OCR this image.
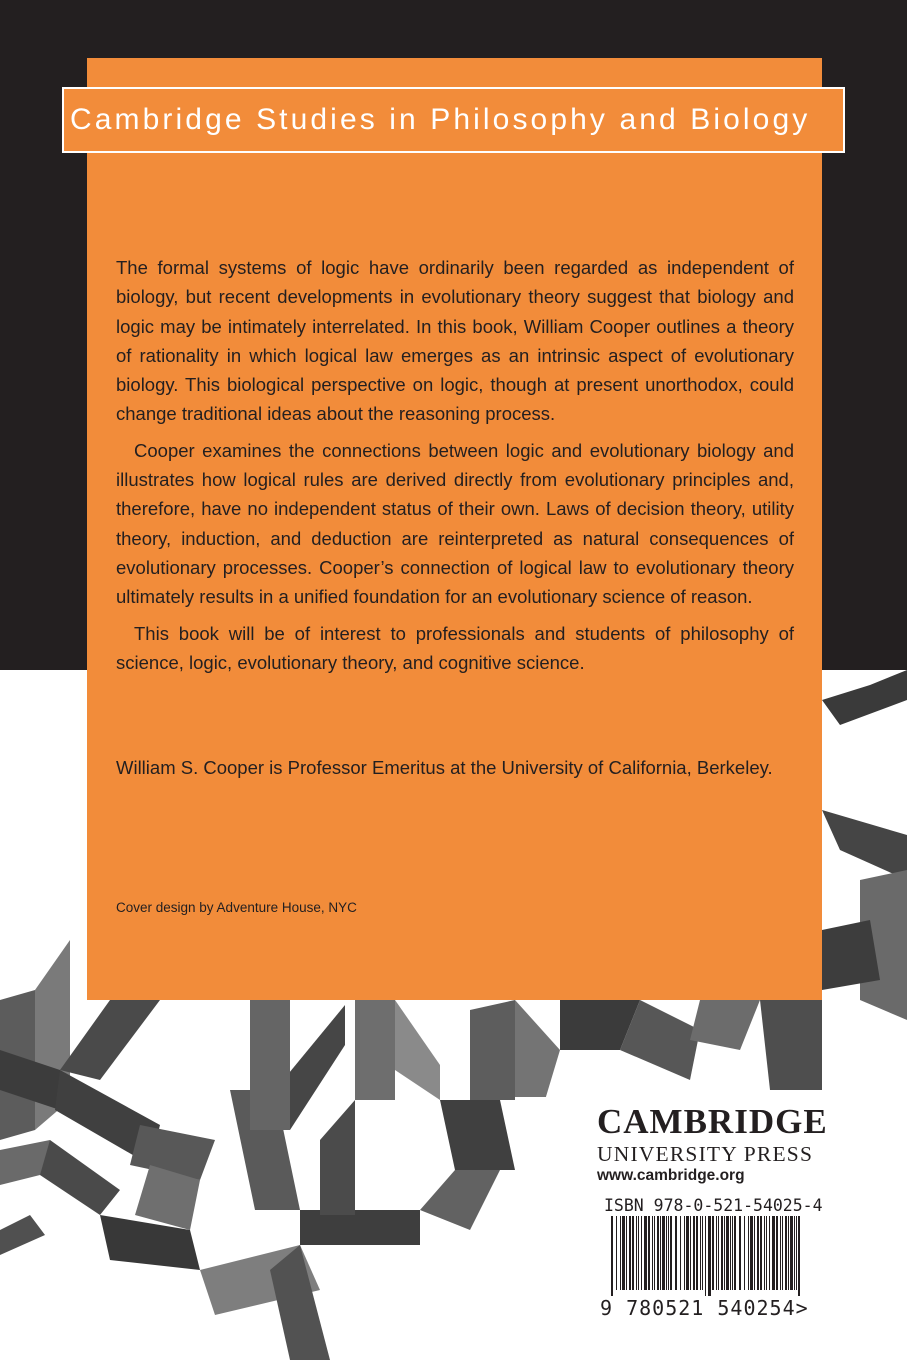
Cambridge Studies in Philosophy and Biology

The formal systems of logic have ordinarily been regarded as independent of biology, but recent developments in evolutionary theory suggest that biology and logic may be intimately interrelated. In this book, William Cooper outlines a theory of rationality in which logical law emerges as an intrinsic aspect of evolutionary biology. This biological perspective on logic, though at present unorthodox, could change traditional ideas about the reasoning process.

Cooper examines the connections between logic and evolutionary biology and illustrates how logical rules are derived directly from evolutionary principles and, therefore, have no independent status of their own. Laws of decision theory, utility theory, induction, and deduction are reinterpreted as natural consequences of evolutionary processes. Cooper’s connection of logical law to evolutionary theory ultimately results in a unified foundation for an evolutionary science of reason.

This book will be of interest to professionals and students of philosophy of science, logic, evolutionary theory, and cognitive science.

William S. Cooper is Professor Emeritus at the University of California, Berkeley.
Cover design by Adventure House, NYC
CAMBRIDGE
UNIVERSITY PRESS
www.cambridge.org
ISBN 978-0-521-54025-4
9 780521 540254>
